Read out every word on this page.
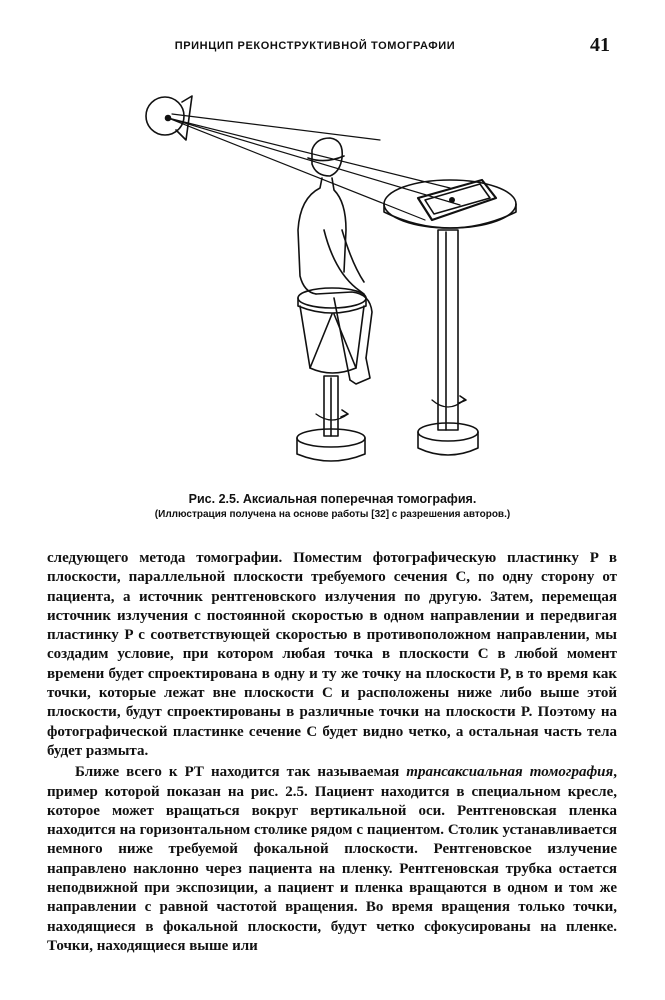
ПРИНЦИП РЕКОНСТРУКТИВНОЙ ТОМОГРАФИИ	41
Рис. 2.5. Аксиальная поперечная томография.
(Иллюстрация получена на основе работы [32] с разрешения авторов.)

следующего метода томографии. Поместим фотографическую пластинку P в плоскости, параллельной плоскости требуемого сечения C, по одну сторону от пациента, а источник рентгеновского излучения по другую. Затем, перемещая источник излучения с постоянной скоростью в одном направлении и передвигая пластинку P с соответствующей скоростью в противоположном направлении, мы создадим условие, при котором любая точка в плоскости C в любой момент времени будет спроектирована в одну и ту же точку на плоскости P, в то время как точки, которые лежат вне плоскости C и расположены ниже либо выше этой плоскости, будут спроектированы в различные точки на плоскости P. Поэтому на фотографической пластинке сечение C будет видно четко, а остальная часть тела будет размыта.

Ближе всего к РТ находится так называемая трансаксиальная томография, пример которой показан на рис. 2.5. Пациент находится в специальном кресле, которое может вращаться вокруг вертикальной оси. Рентгеновская пленка находится на горизонтальном столике рядом с пациентом. Столик устанавливается немного ниже требуемой фокальной плоскости. Рентгеновское излучение направлено наклонно через пациента на пленку. Рентгеновская трубка остается неподвижной при экспозиции, а пациент и пленка вращаются в одном и том же направлении с равной частотой вращения. Во время вращения только точки, находящиеся в фокальной плоскости, будут четко сфокусированы на пленке. Точки, находящиеся выше или
